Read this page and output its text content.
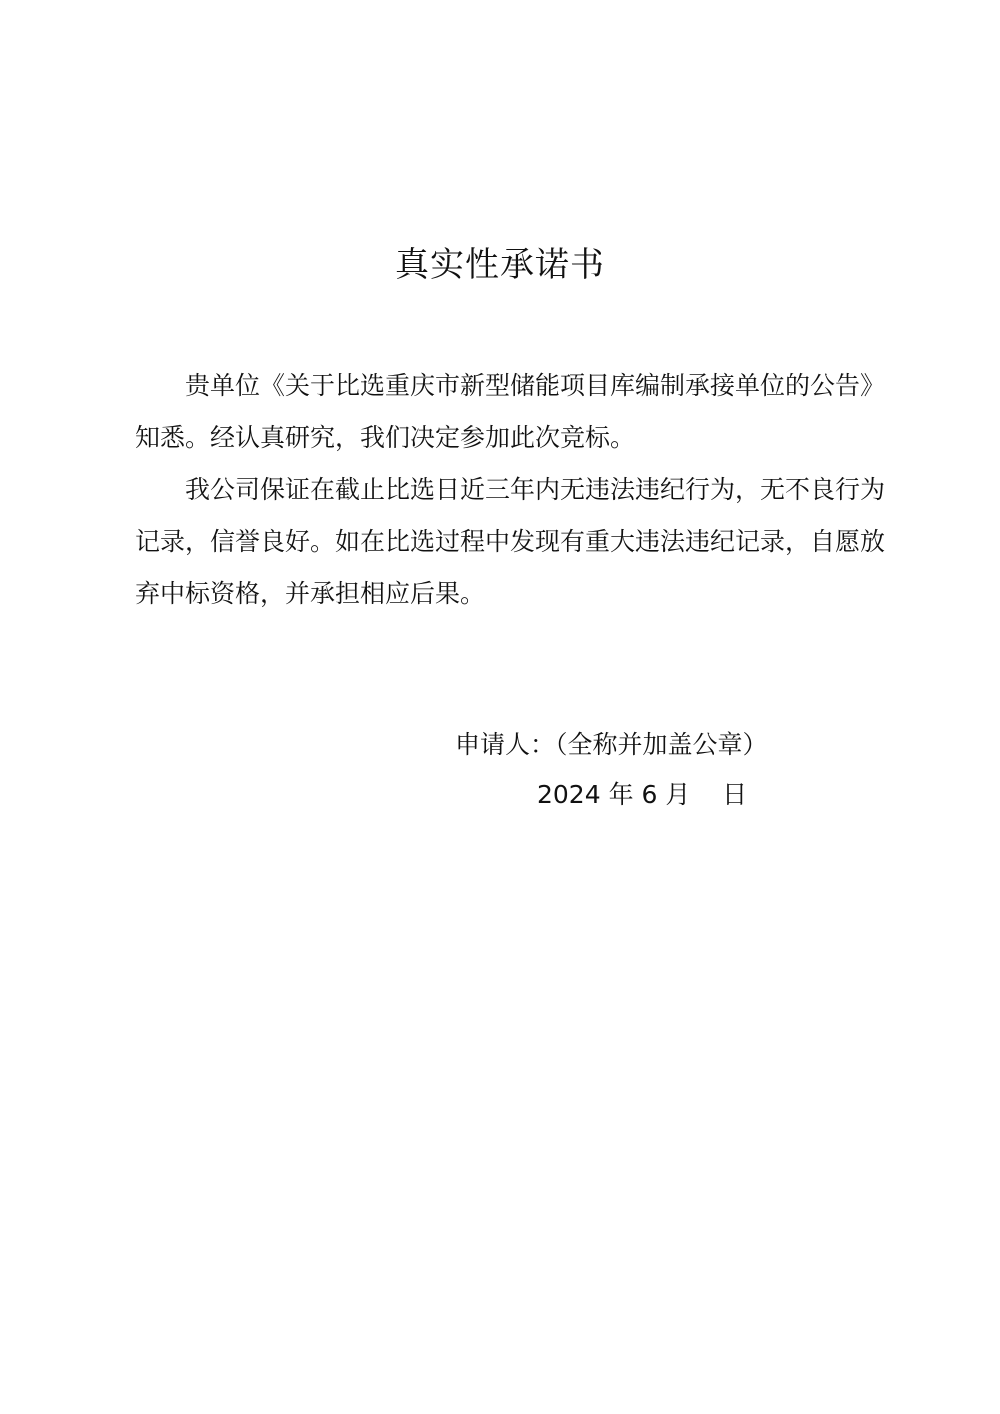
真实性承诺书

贵单位《关于比选重庆市新型储能项目库编制承接单位的公告》知悉。经认真研究，我们决定参加此次竞标。

我公司保证在截止比选日近三年内无违法违纪行为，无不良行为记录，信誉良好。如在比选过程中发现有重大违法违纪记录，自愿放弃中标资格，并承担相应后果。

申请人：（全称并加盖公章）
2024 年 6 月    日
